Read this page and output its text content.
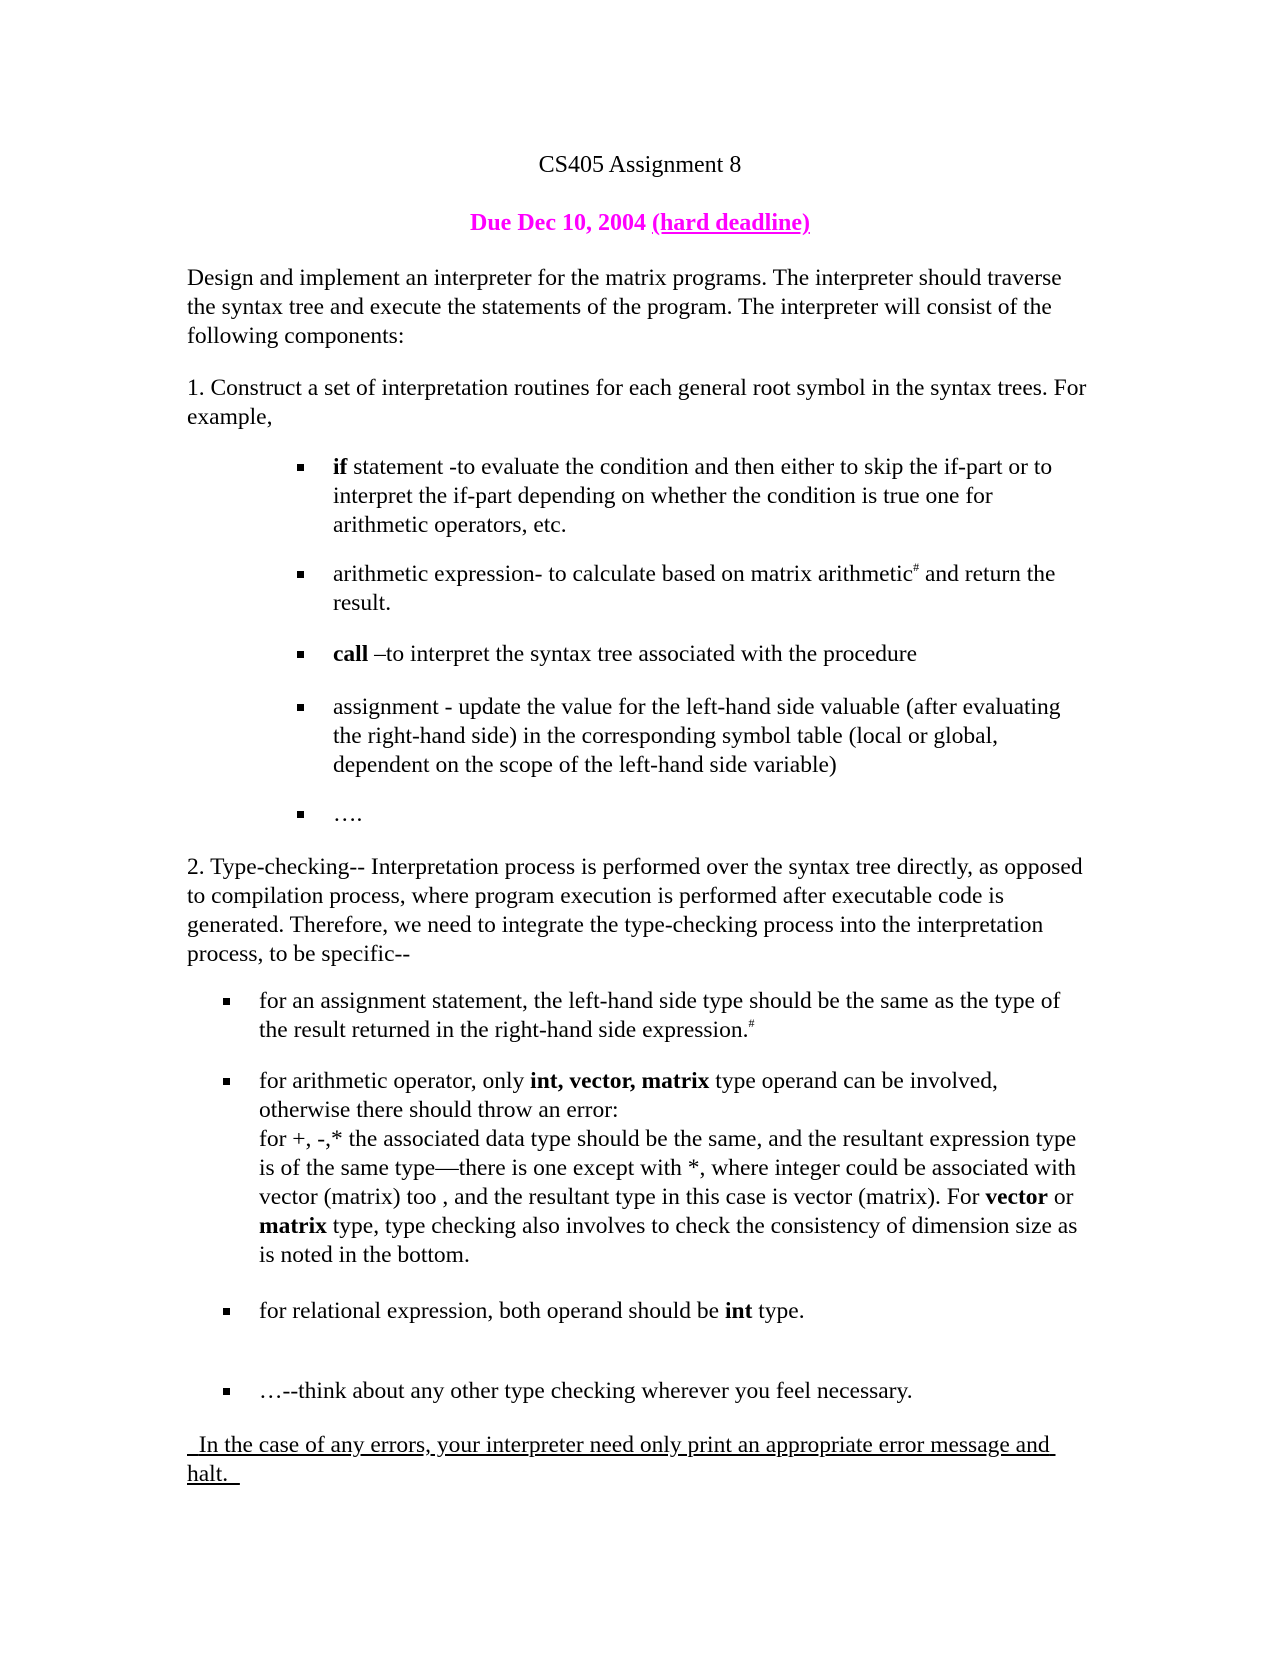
CS405 Assignment 8
Due Dec 10, 2004 (hard deadline)

Design and implement an interpreter for the matrix programs. The interpreter should traverse the syntax tree and execute the statements of the program. The interpreter will consist of the following components:

1. Construct a set of interpretation routines for each general root symbol in the syntax trees. For example,

if statement -to evaluate the condition and then either to skip the if-part or to interpret the if-part depending on whether the condition is true one for arithmetic operators, etc.
arithmetic expression- to calculate based on matrix arithmetic# and return the result.
call –to interpret the syntax tree associated with the procedure
assignment - update the value for the left-hand side valuable (after evaluating the right-hand side) in the corresponding symbol table (local or global, dependent on the scope of the left-hand side variable)
….

2. Type-checking-- Interpretation process is performed over the syntax tree directly, as opposed to compilation process, where program execution is performed after executable code is generated. Therefore, we need to integrate the type-checking process into the interpretation process, to be specific--

for an assignment statement, the left-hand side type should be the same as the type of the result returned in the right-hand side expression.#
for arithmetic operator, only int, vector, matrix type operand can be involved, otherwise there should throw an error:
for +, -,* the associated data type should be the same, and the resultant expression type is of the same type—there is one except with *, where integer could be associated with vector (matrix) too , and the resultant type in this case is vector (matrix). For vector or matrix type, type checking also involves to check the consistency of dimension size as is noted in the bottom.
for relational expression, both operand should be int type.
…--think about any other type checking wherever you feel necessary.
In the case of any errors, your interpreter need only print an appropriate error message and halt.
